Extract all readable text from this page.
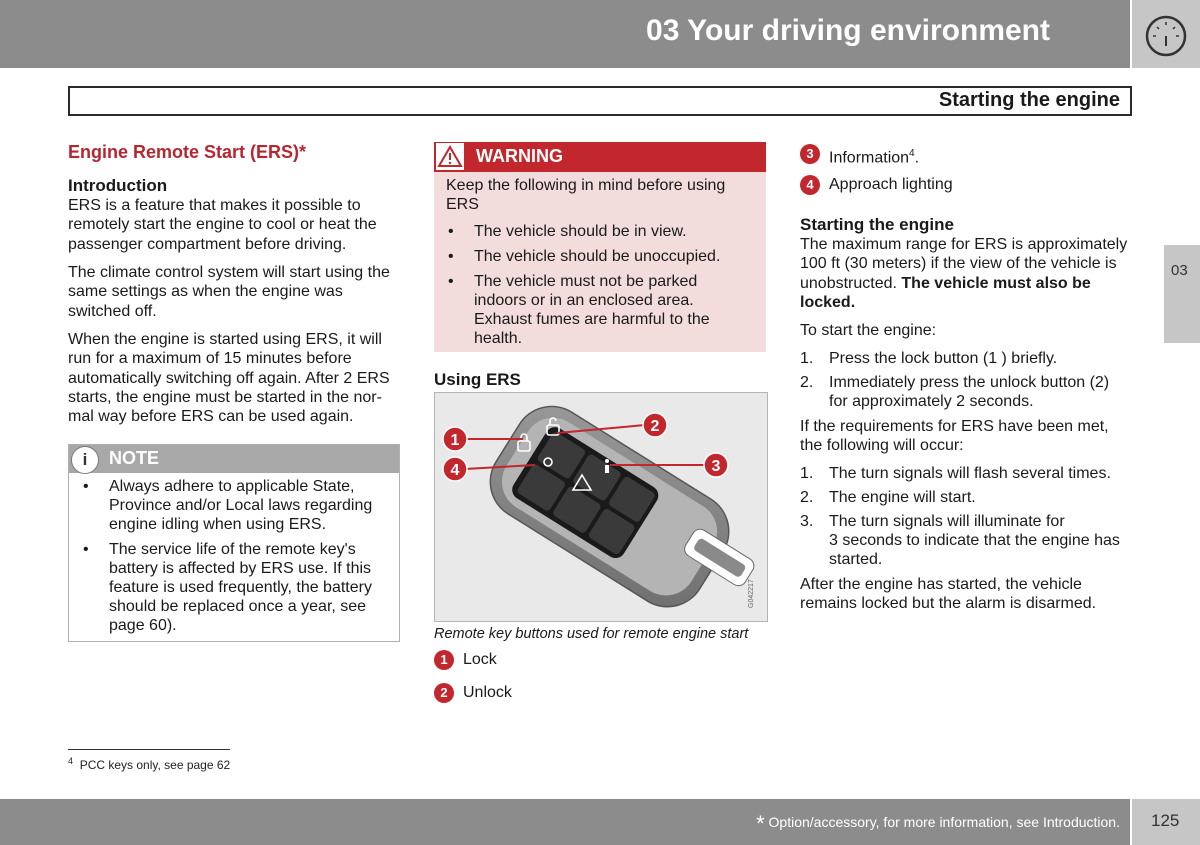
03 Your driving environment
Starting the engine
03
Engine Remote Start (ERS)*
Introduction

ERS is a feature that makes it possible to

remotely start the engine to cool or heat the

passenger compartment before driving.

The climate control system will start using the

same settings as when the engine was

switched off.

When the engine is started using ERS, it will

run for a maximum of 15 minutes before

automatically switching off again. After 2 ERS

starts, the engine must be started in the nor-

mal way before ERS can be used again.

i	NOTE
• Always adhere to applicable State,
Province and/or Local laws regarding
engine idling when using ERS.
• The service life of the remote key's
battery is affected by ERS use. If this
feature is used frequently, the battery
should be replaced once a year, see
page 60).
WARNING
Keep the following in mind before using
ERS
• The vehicle should be in view.
• The vehicle should be unoccupied.
• The vehicle must not be parked
indoors or in an enclosed area.
Exhaust fumes are harmful to the
health.
Using ERS
1
2
3
4
G042217
Remote key buttons used for remote engine start
1 Lock
2 Unlock
3 Information$^4$.
4 Approach lighting
Starting the engine

The maximum range for ERS is approximately

100 ft (30 meters) if the view of the vehicle is

unobstructed. The vehicle must also be

locked.

To start the engine:
1. Press the lock button (1 ) briefly.
2. Immediately press the unlock button (2)
for approximately 2 seconds.

If the requirements for ERS have been met,

the following will occur:

1. The turn signals will flash several times.
2. The engine will start.
3. The turn signals will illuminate for
3 seconds to indicate that the engine has
started.

After the engine has started, the vehicle

remains locked but the alarm is disarmed.

$^4$ PCC keys only, see page 62
* Option/accessory, for more information, see Introduction. 125
